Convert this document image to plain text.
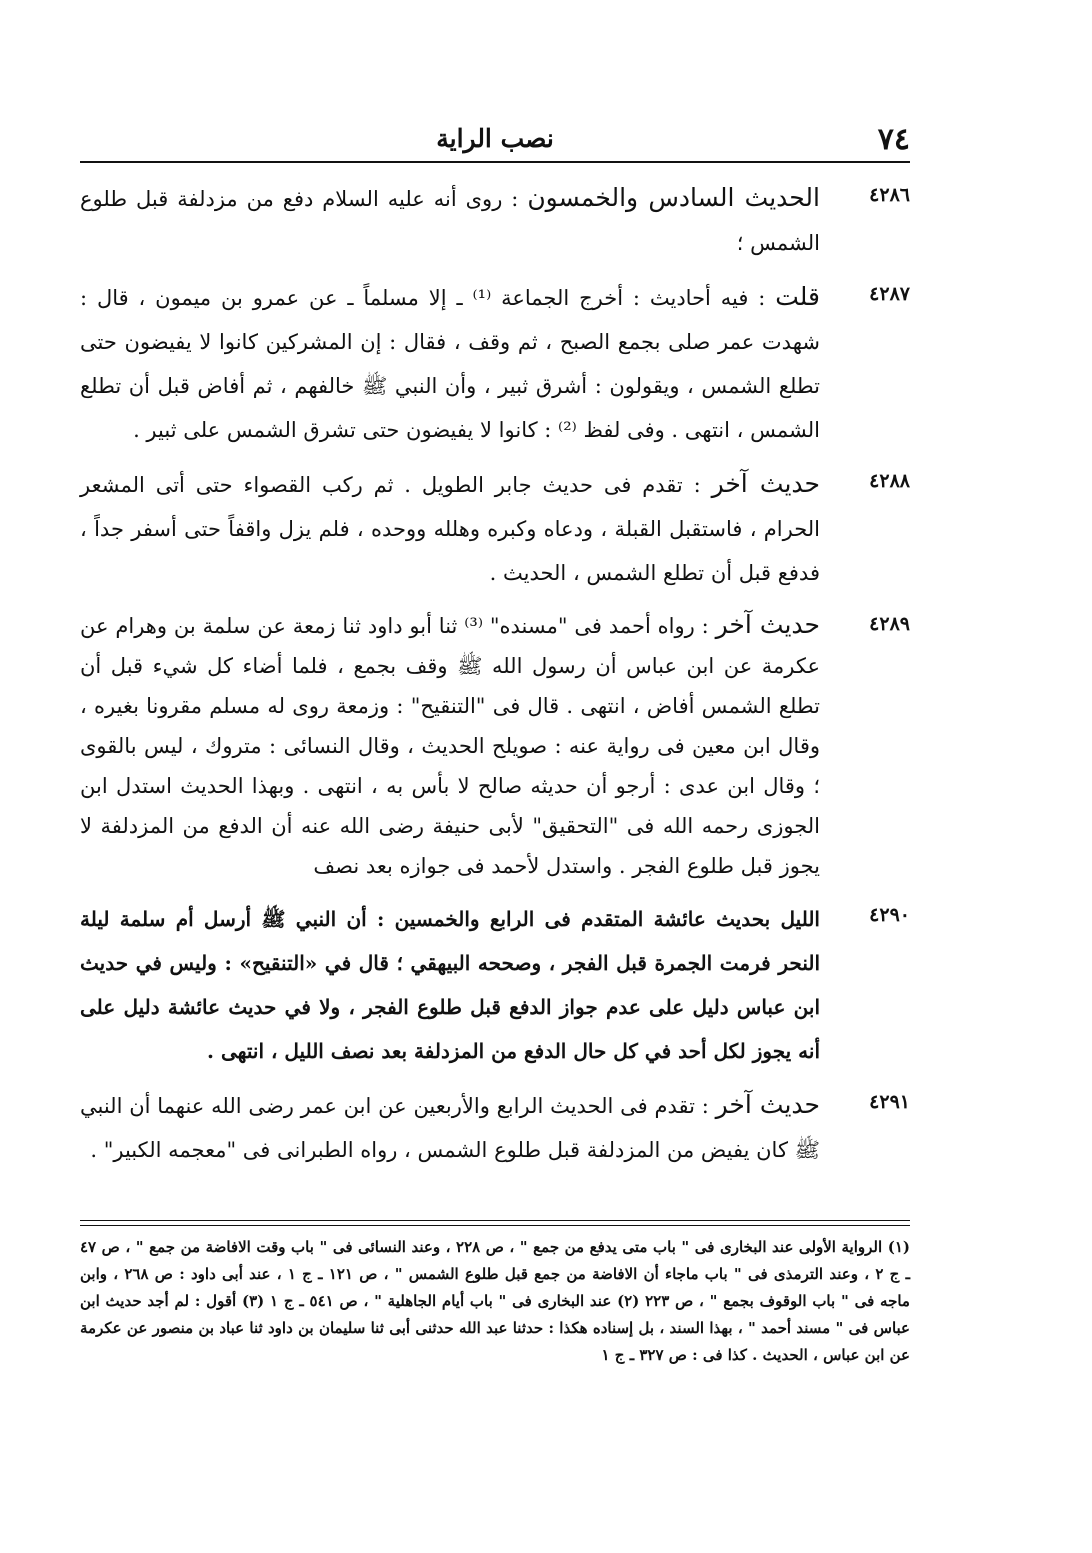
٧٤
نصب الراية
٤٢٨٦

الحديث السادس والخمسون : روى أنه عليه السلام دفع من مزدلفة قبل طلوع الشمس ؛

٤٢٨٧

قلت : فيه أحاديث : أخرج الجماعة ⁽¹⁾ ـ إلا مسلماً ـ عن عمرو بن ميمون ، قال : شهدت عمر صلى بجمع الصبح ، ثم وقف ، فقال : إن المشركين كانوا لا يفيضون حتى تطلع الشمس ، ويقولون : أشرق ثبير ، وأن النبي ﷺ خالفهم ، ثم أفاض قبل أن تطلع الشمس ، انتهى . وفى لفظ ⁽²⁾ : كانوا لا يفيضون حتى تشرق الشمس على ثبير .

٤٢٨٨

حديث آخر : تقدم فى حديث جابر الطويل . ثم ركب القصواء حتى أتى المشعر الحرام ، فاستقبل القبلة ، ودعاه وكبره وهلله ووحده ، فلم يزل واقفاً حتى أسفر جداً ، فدفع قبل أن تطلع الشمس ، الحديث .

٤٢٨٩

حديث آخر : رواه أحمد فى "مسنده" ⁽³⁾ ثنا أبو داود ثنا زمعة عن سلمة بن وهرام عن عكرمة عن ابن عباس أن رسول الله ﷺ وقف بجمع ، فلما أضاء كل شيء قبل أن تطلع الشمس أفاض ، انتهى . قال فى "التنقيح" : وزمعة روى له مسلم مقرونا بغيره ، وقال ابن معين فى رواية عنه : صويلح الحديث ، وقال النسائى : متروك ، ليس بالقوى ؛ وقال ابن عدى : أرجو أن حديثه صالح لا بأس به ، انتهى . وبهذا الحديث استدل ابن الجوزى رحمه الله فى "التحقيق" لأبى حنيفة رضى الله عنه أن الدفع من المزدلفة لا يجوز قبل طلوع الفجر . واستدل لأحمد فى جوازه بعد نصف

٤٢٩٠

الليل بحديث عائشة المتقدم فى الرابع والخمسين : أن النبي ﷺ أرسل أم سلمة ليلة النحر فرمت الجمرة قبل الفجر ، وصححه البيهقي ؛ قال في «التنقيح» : وليس في حديث ابن عباس دليل على عدم جواز الدفع قبل طلوع الفجر ، ولا في حديث عائشة دليل على أنه يجوز لكل أحد في كل حال الدفع من المزدلفة بعد نصف الليل ، انتهى .

٤٢٩١

حديث آخر : تقدم فى الحديث الرابع والأربعين عن ابن عمر رضى الله عنهما أن النبي ﷺ كان يفيض من المزدلفة قبل طلوع الشمس ، رواه الطبرانى فى "معجمه الكبير" .

(١) الرواية الأولى عند البخارى فى " باب متى يدفع من جمع " ، ص ٢٢٨ ، وعند النسائى فى " باب وقت الافاضة من جمع " ، ص ٤٧ ـ ج ٢ ، وعند الترمذى فى " باب ماجاء أن الافاضة من جمع قبل طلوع الشمس " ، ص ١٢١ ـ ج ١ ، عند أبى داود : ص ٢٦٨ ، وابن ماجه فى " باب الوقوف بجمع " ، ص ٢٢٣ (٢) عند البخارى فى " باب أيام الجاهلية " ، ص ٥٤١ ـ ج ١ (٣) أقول : لم أجد حديث ابن عباس فى " مسند أحمد " ، بهذا السند ، بل إسناده هكذا : حدثنا عبد الله حدثنى أبى ثنا سليمان بن داود ثنا عباد بن منصور عن عكرمة عن ابن عباس ، الحديث . كذا فى : ص ٣٢٧ ـ ج ١
